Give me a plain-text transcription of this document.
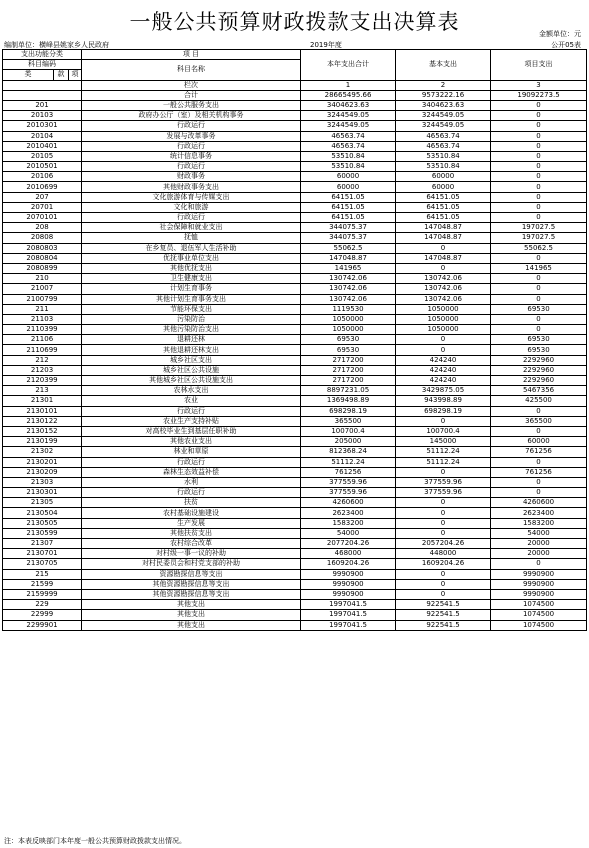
一般公共预算财政拨款支出决算表	金额单位：元
编制单位：横峰县姚家乡人民政府	2019年度	公开05表
支出功能分类			项 目	本年支出合计	基本支出	项目支出
科目编码			科目名称			
类	款	项				
			栏次	1	2	3
			合计	28665495.66	9573222.16	19092273.5
201			一般公共服务支出	3404623.63	3404623.63	0
20103			政府办公厅（室）及相关机构事务	3244549.05	3244549.05	0
2010301			行政运行	3244549.05	3244549.05	0
20104			发展与改革事务	46563.74	46563.74	0
2010401			行政运行	46563.74	46563.74	0
20105			统计信息事务	53510.84	53510.84	0
2010501			行政运行	53510.84	53510.84	0
20106			财政事务	60000	60000	0
2010699			其他财政事务支出	60000	60000	0
207			文化旅游体育与传媒支出	64151.05	64151.05	0
20701			文化和旅游	64151.05	64151.05	0
2070101			行政运行	64151.05	64151.05	0
208			社会保障和就业支出	344075.37	147048.87	197027.5
20808			抚恤	344075.37	147048.87	197027.5
2080803			在乡复员、退伍军人生活补助	55062.5	0	55062.5
2080804			优抚事业单位支出	147048.87	147048.87	0
2080899			其他优抚支出	141965	0	141965
210			卫生健康支出	130742.06	130742.06	0
21007			计划生育事务	130742.06	130742.06	0
2100799			其他计划生育事务支出	130742.06	130742.06	0
211			节能环保支出	1119530	1050000	69530
21103			污染防治	1050000	1050000	0
2110399			其他污染防治支出	1050000	1050000	0
21106			退耕还林	69530	0	69530
2110699			其他退耕还林支出	69530	0	69530
212			城乡社区支出	2717200	424240	2292960
21203			城乡社区公共设施	2717200	424240	2292960
2120399			其他城乡社区公共设施支出	2717200	424240	2292960
213			农林水支出	8897231.05	3429875.05	5467356
21301			农业	1369498.89	943998.89	425500
2130101			行政运行	698298.19	698298.19	0
2130122			农业生产支持补贴	365500	0	365500
2130152			对高校毕业生到基层任职补助	100700.4	100700.4	0
2130199			其他农业支出	205000	145000	60000
21302			林业和草原	812368.24	51112.24	761256
2130201			行政运行	51112.24	51112.24	0
2130209			森林生态效益补偿	761256	0	761256
21303			水利	377559.96	377559.96	0
2130301			行政运行	377559.96	377559.96	0
21305			扶贫	4260600	0	4260600
2130504			农村基础设施建设	2623400	0	2623400
2130505			生产发展	1583200	0	1583200
2130599			其他扶贫支出	54000	0	54000
21307			农村综合改革	2077204.26	2057204.26	20000
2130701			对村级一事一议的补助	468000	448000	20000
2130705			对村民委员会和村党支部的补助	1609204.26	1609204.26	0
215			资源勘探信息等支出	9990900	0	9990900
21599			其他资源勘探信息等支出	9990900	0	9990900
2159999			其他资源勘探信息等支出	9990900	0	9990900
229			其他支出	1997041.5	922541.5	1074500
22999			其他支出	1997041.5	922541.5	1074500
2299901			其他支出	1997041.5	922541.5	1074500
注：本表反映部门本年度一般公共预算财政拨款支出情况。
